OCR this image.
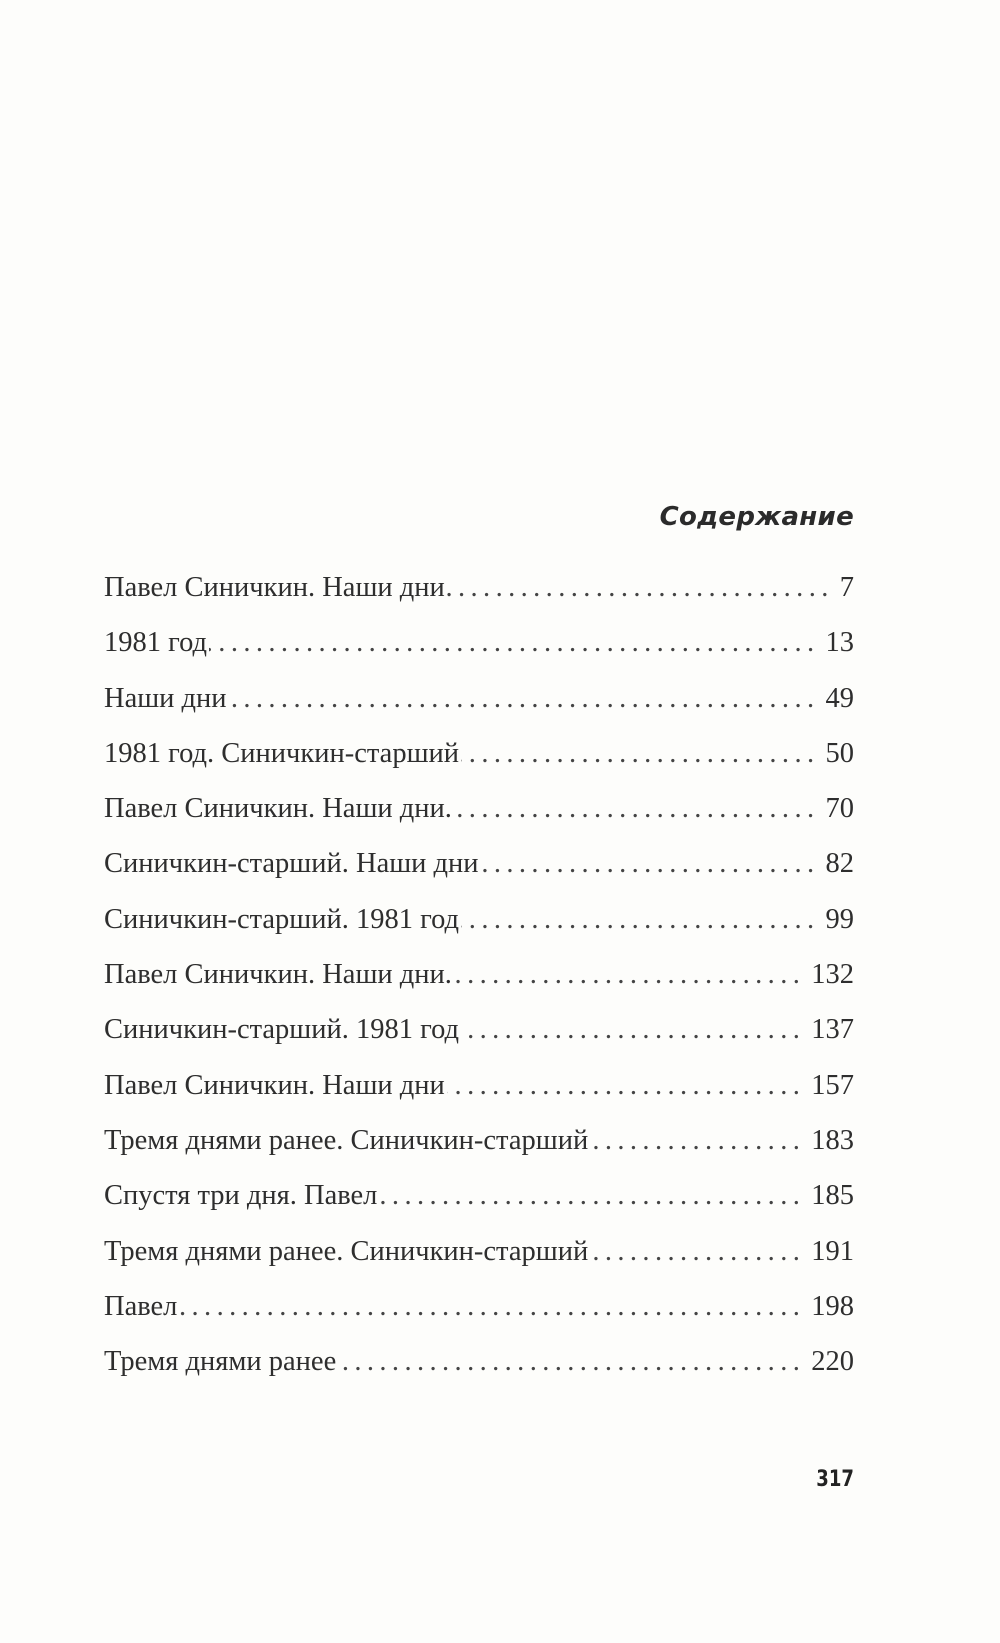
Содержание
Павел Синичкин. Наши дни .....	7
1981 год .....	13
Наши дни .....	49
1981 год. Синичкин-старший .....	50
Павел Синичкин. Наши дни. .....	70
Синичкин-старший. Наши дни .....	82
Синичкин-старший. 1981 год .....	99
Павел Синичкин. Наши дни. .....	132
Синичкин-старший. 1981 год .....	137
Павел Синичкин. Наши дни .....	157
Тремя днями ранее. Синичкин-старший .....	183
Спустя три дня. Павел .....	185
Тремя днями ранее. Синичкин-старший .....	191
Павел .....	198
Тремя днями ранее .....	220

317
